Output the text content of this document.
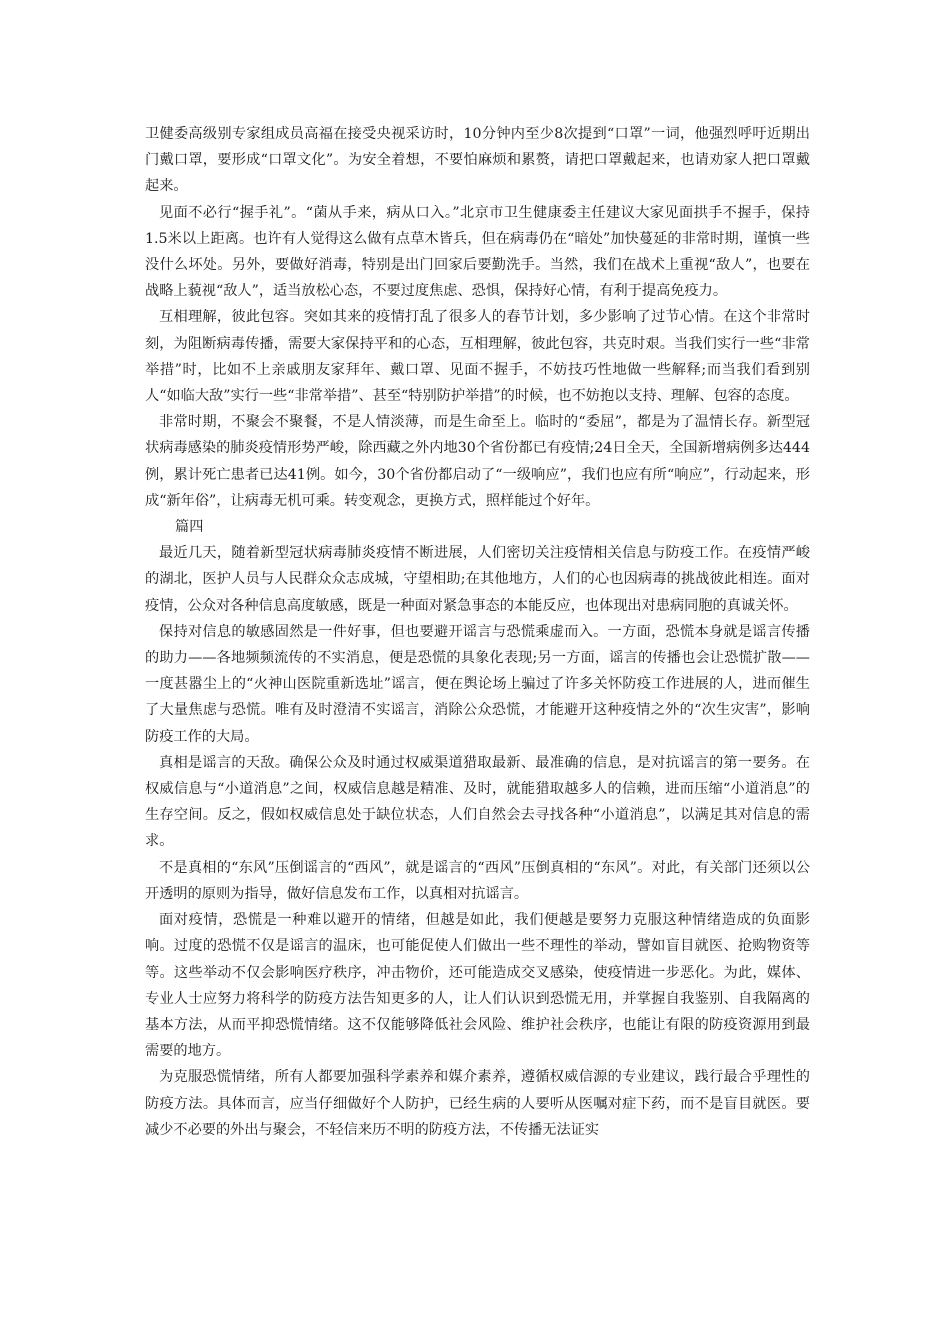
卫健委高级别专家组成员高福在接受央视采访时，10分钟内至少8次提到“口罩”一词，他强烈呼吁近期出门戴口罩，要形成“口罩文化”。为安全着想，不要怕麻烦和累赘，请把口罩戴起来，也请劝家人把口罩戴起来。

见面不必行“握手礼”。“菌从手来，病从口入。”北京市卫生健康委主任建议大家见面拱手不握手，保持1.5米以上距离。也许有人觉得这么做有点草木皆兵，但在病毒仍在“暗处”加快蔓延的非常时期，谨慎一些没什么坏处。另外，要做好消毒，特别是出门回家后要勤洗手。当然，我们在战术上重视“敌人”，也要在战略上藐视“敌人”，适当放松心态，不要过度焦虑、恐惧，保持好心情，有利于提高免疫力。

互相理解，彼此包容。突如其来的疫情打乱了很多人的春节计划，多少影响了过节心情。在这个非常时刻，为阻断病毒传播，需要大家保持平和的心态，互相理解，彼此包容，共克时艰。当我们实行一些“非常举措”时，比如不上亲戚朋友家拜年、戴口罩、见面不握手，不妨技巧性地做一些解释;而当我们看到别人“如临大敌”实行一些“非常举措”、甚至“特别防护举措”的时候，也不妨抱以支持、理解、包容的态度。

非常时期，不聚会不聚餐，不是人情淡薄，而是生命至上。临时的“委屈”，都是为了温情长存。新型冠状病毒感染的肺炎疫情形势严峻，除西藏之外内地30个省份都已有疫情;24日全天，全国新增病例多达444例，累计死亡患者已达41例。如今，30个省份都启动了“一级响应”，我们也应有所“响应”，行动起来，形成“新年俗”，让病毒无机可乘。转变观念，更换方式，照样能过个好年。

篇四

最近几天，随着新型冠状病毒肺炎疫情不断进展，人们密切关注疫情相关信息与防疫工作。在疫情严峻的湖北，医护人员与人民群众众志成城，守望相助;在其他地方，人们的心也因病毒的挑战彼此相连。面对疫情，公众对各种信息高度敏感，既是一种面对紧急事态的本能反应，也体现出对患病同胞的真诚关怀。

保持对信息的敏感固然是一件好事，但也要避开谣言与恐慌乘虚而入。一方面，恐慌本身就是谣言传播的助力——各地频频流传的不实消息，便是恐慌的具象化表现;另一方面，谣言的传播也会让恐慌扩散——一度甚嚣尘上的“火神山医院重新选址”谣言，便在舆论场上骗过了许多关怀防疫工作进展的人，进而催生了大量焦虑与恐慌。唯有及时澄清不实谣言，消除公众恐慌，才能避开这种疫情之外的“次生灾害”，影响防疫工作的大局。

真相是谣言的天敌。确保公众及时通过权威渠道猎取最新、最准确的信息，是对抗谣言的第一要务。在权威信息与“小道消息”之间，权威信息越是精准、及时，就能猎取越多人的信赖，进而压缩“小道消息”的生存空间。反之，假如权威信息处于缺位状态，人们自然会去寻找各种“小道消息”，以满足其对信息的需求。

不是真相的“东风”压倒谣言的“西风”，就是谣言的“西风”压倒真相的“东风”。对此，有关部门还须以公开透明的原则为指导，做好信息发布工作，以真相对抗谣言。

面对疫情，恐慌是一种难以避开的情绪，但越是如此，我们便越是要努力克服这种情绪造成的负面影响。过度的恐慌不仅是谣言的温床，也可能促使人们做出一些不理性的举动，譬如盲目就医、抢购物资等等。这些举动不仅会影响医疗秩序，冲击物价，还可能造成交叉感染，使疫情进一步恶化。为此，媒体、专业人士应努力将科学的防疫方法告知更多的人，让人们认识到恐慌无用，并掌握自我鉴别、自我隔离的基本方法，从而平抑恐慌情绪。这不仅能够降低社会风险、维护社会秩序，也能让有限的防疫资源用到最需要的地方。

为克服恐慌情绪，所有人都要加强科学素养和媒介素养，遵循权威信源的专业建议，践行最合乎理性的防疫方法。具体而言，应当仔细做好个人防护，已经生病的人要听从医嘱对症下药，而不是盲目就医。要减少不必要的外出与聚会，不轻信来历不明的防疫方法，不传播无法证实
